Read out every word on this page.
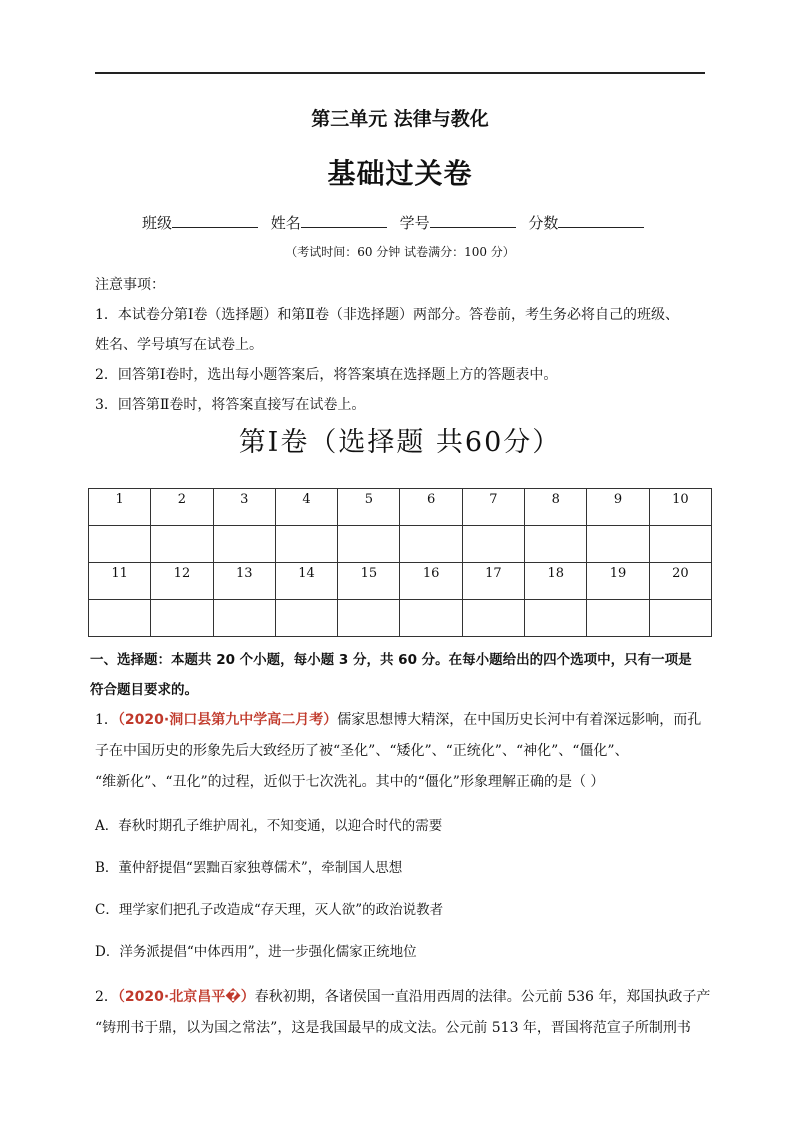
第三单元 法律与教化
基础过关卷
班级	姓名	学号	分数
（考试时间：60 分钟 试卷满分：100 分）

注意事项：

1．本试卷分第Ⅰ卷（选择题）和第Ⅱ卷（非选择题）两部分。答卷前，考生务必将自己的班级、

姓名、学号填写在试卷上。

2．回答第Ⅰ卷时，选出每小题答案后，将答案填在选择题上方的答题表中。

3．回答第Ⅱ卷时，将答案直接写在试卷上。

第Ⅰ卷（选择题 共60分）
1	2	3	4	5	6	7	8	9	10

11	12	13	14	15	16	17	18	19	20

一、选择题：本题共 20 个小题，每小题 3 分，共 60 分。在每小题给出的四个选项中，只有一项是
符合题目要求的。

1．（2020·洞口县第九中学高二月考）儒家思想博大精深，在中国历史长河中有着深远影响，而孔

子在中国历史的形象先后大致经历了被“圣化”、“矮化”、“正统化”、“神化”、“僵化”、

“维新化”、“丑化”的过程，近似于七次洗礼。其中的“僵化”形象理解正确的是（ ）

A．春秋时期孔子维护周礼，不知变通，以迎合时代的需要
B．董仲舒提倡“罢黜百家独尊儒术”，牵制国人思想
C．理学家们把孔子改造成“存天理，灭人欲”的政治说教者
D．洋务派提倡“中体西用”，进一步强化儒家正统地位

2．（2020·北京昌平�）春秋初期，各诸侯国一直沿用西周的法律。公元前 536 年，郑国执政子产

“铸刑书于鼎，以为国之常法”，这是我国最早的成文法。公元前 513 年，晋国将范宣子所制刑书
